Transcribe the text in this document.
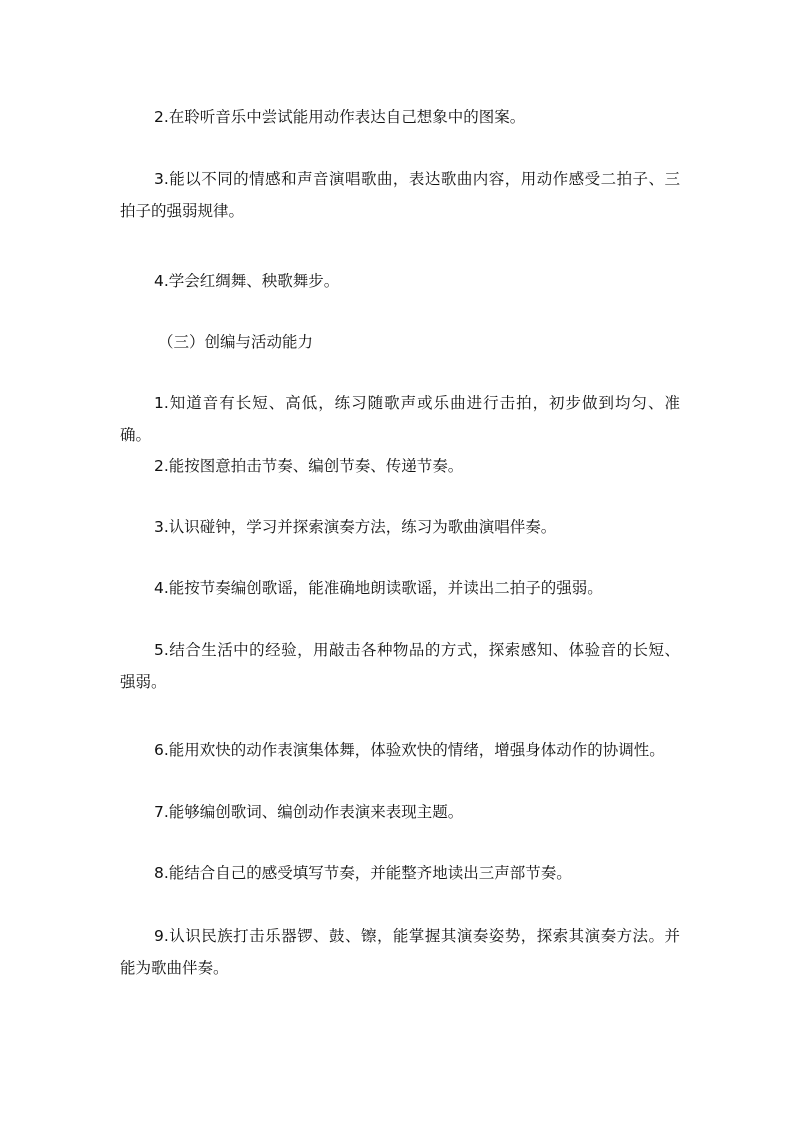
2.在聆听音乐中尝试能用动作表达自己想象中的图案。

3.能以不同的情感和声音演唱歌曲，表达歌曲内容，用动作感受二拍子、三拍子的强弱规律。

4.学会红绸舞、秧歌舞步。

（三）创编与活动能力

1.知道音有长短、高低，练习随歌声或乐曲进行击拍，初步做到均匀、准确。

2.能按图意拍击节奏、编创节奏、传递节奏。

3.认识碰钟，学习并探索演奏方法，练习为歌曲演唱伴奏。

4.能按节奏编创歌谣，能准确地朗读歌谣，并读出二拍子的强弱。

5.结合生活中的经验，用敲击各种物品的方式，探索感知、体验音的长短、强弱。

6.能用欢快的动作表演集体舞，体验欢快的情绪，增强身体动作的协调性。

7.能够编创歌词、编创动作表演来表现主题。

8.能结合自己的感受填写节奏，并能整齐地读出三声部节奏。

9.认识民族打击乐器锣、鼓、镲，能掌握其演奏姿势，探索其演奏方法。并能为歌曲伴奏。
